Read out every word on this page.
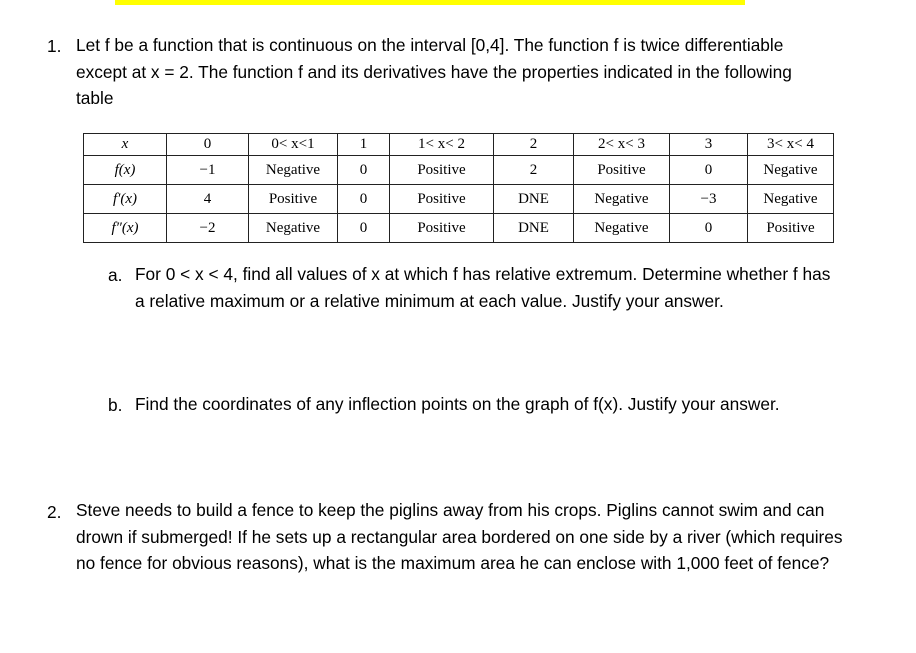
1. Let f be a function that is continuous on the interval [0,4]. The function f is twice differentiable except at x = 2. The function f and its derivatives have the properties indicated in the following table
x	0	0< x<1	1	1< x< 2	2	2< x< 3	3	3< x< 4
f(x)	−1	Negative	0	Positive	2	Positive	0	Negative
f′(x)	4	Positive	0	Positive	DNE	Negative	−3	Negative
f″(x)	−2	Negative	0	Positive	DNE	Negative	0	Positive
a. For 0 < x < 4, find all values of x at which f has relative extremum. Determine whether f has a relative maximum or a relative minimum at each value. Justify your answer.
b. Find the coordinates of any inflection points on the graph of f(x). Justify your answer.
2. Steve needs to build a fence to keep the piglins away from his crops. Piglins cannot swim and can drown if submerged! If he sets up a rectangular area bordered on one side by a river (which requires no fence for obvious reasons), what is the maximum area he can enclose with 1,000 feet of fence?
